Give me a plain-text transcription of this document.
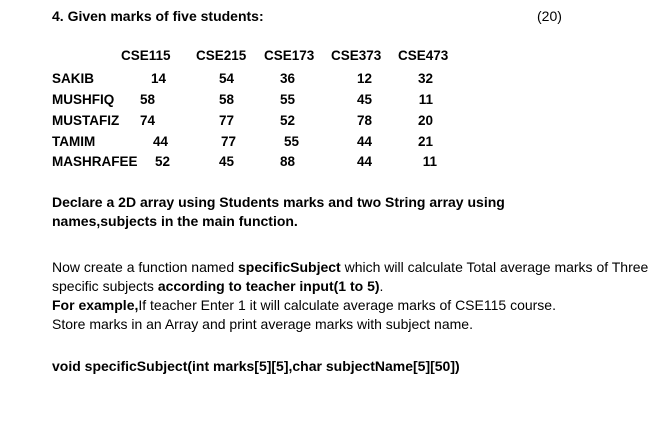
4. Given marks of five students:	(20)
CSE115 CSE215 CSE173 CSE373 CSE473
SAKIB	14	54	36	12	32
MUSHFIQ	58	58	55	45	11
MUSTAFIZ	74	77	52	78	20
TAMIM	44	77	55	44	21
MASHRAFEE	52	45	88	44	11
Declare a 2D array using Students marks and two String array using
names,subjects in the main function.
Now create a function named specificSubject which will calculate Total average marks of Three specific subjects according to teacher input(1 to 5).
For example,If teacher Enter 1 it will calculate average marks of CSE115 course.
Store marks in an Array and print average marks with subject name.
void specificSubject(int marks[5][5],char subjectName[5][50])
